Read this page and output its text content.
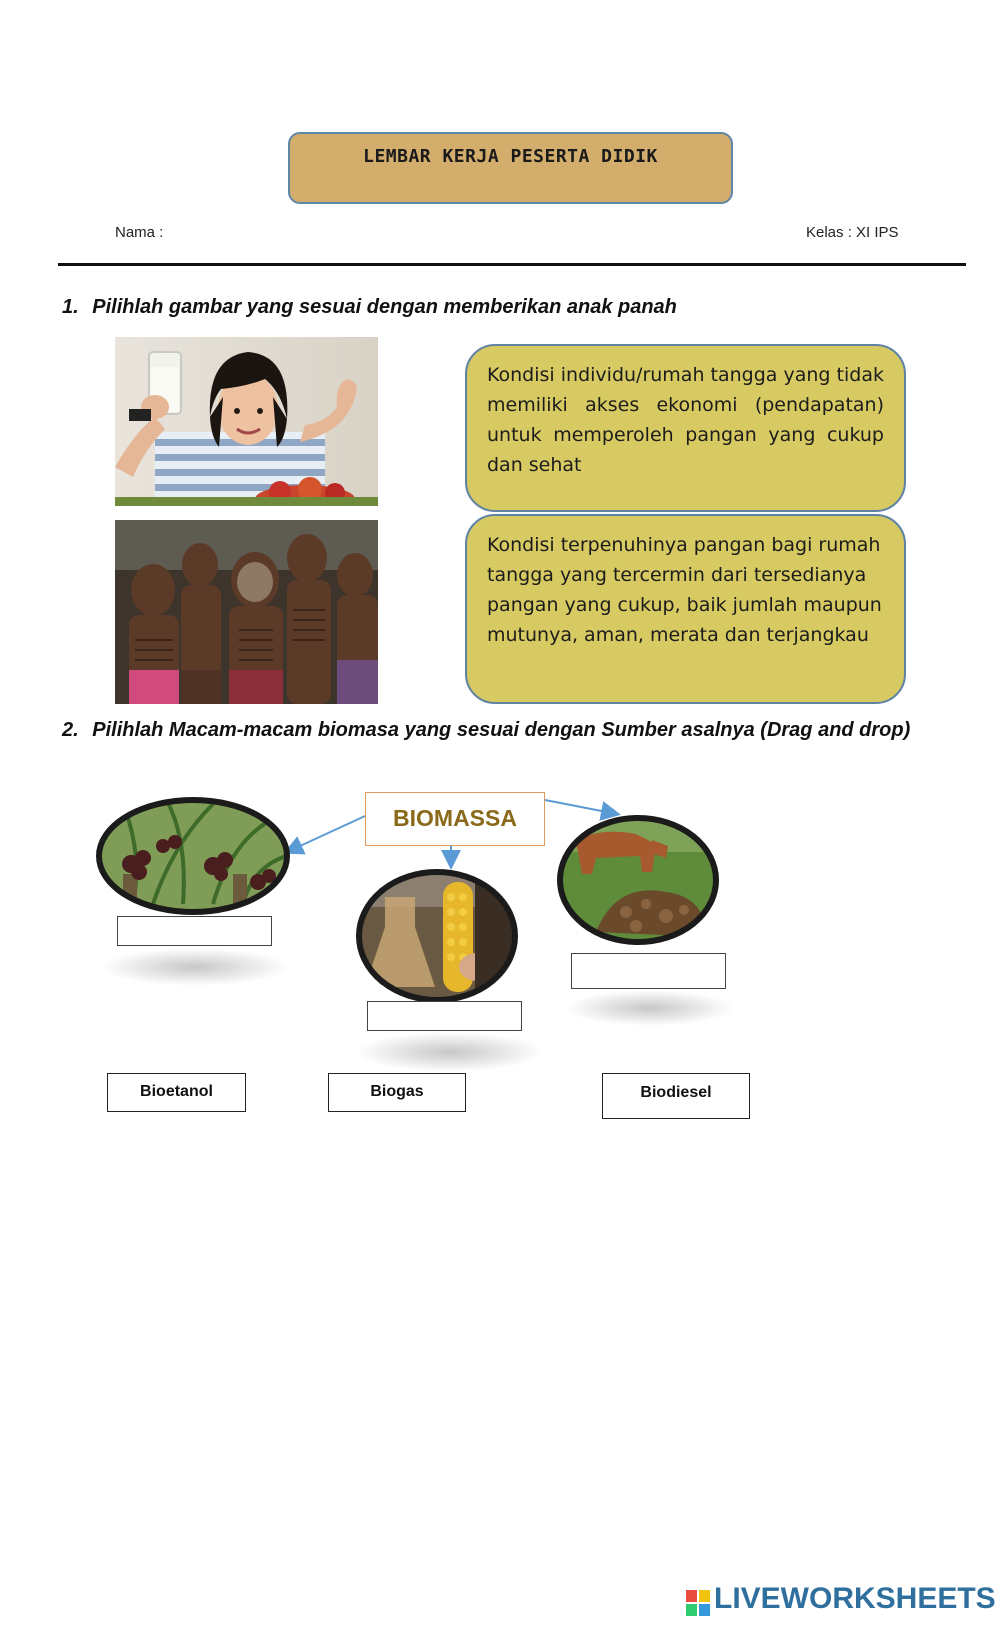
LEMBAR KERJA PESERTA DIDIK
Nama :	Kelas : XI IPS
1. Pilihlah gambar yang sesuai dengan memberikan anak panah
Kondisi individu/rumah tangga yang tidak memiliki akses ekonomi (pendapatan) untuk memperoleh pangan yang cukup dan sehat
Kondisi terpenuhinya pangan bagi rumah tangga yang tercermin dari tersedianya pangan yang cukup, baik jumlah maupun mutunya, aman, merata dan terjangkau
2. Pilihlah Macam-macam biomasa yang sesuai dengan Sumber asalnya (Drag and drop)
BIOMASSA
Bioetanol	Biogas	Biodiesel
LIVEWORKSHEETS
